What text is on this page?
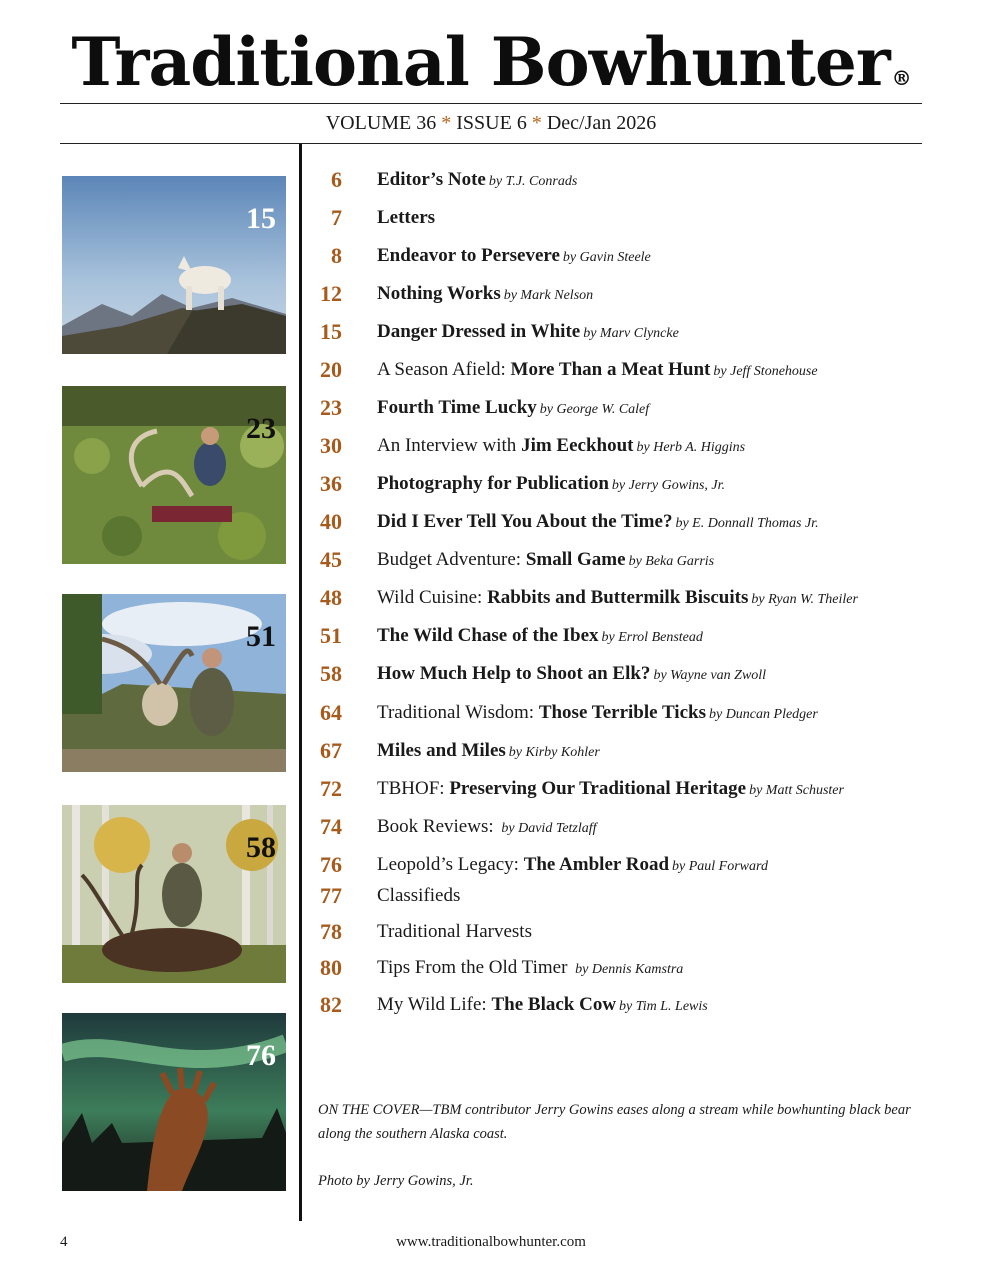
Traditional Bowhunter ®
VOLUME 36 * ISSUE 6 * Dec/Jan 2026
15
23
51
58
76
6 Editor’s Note by T.J. Conrads
7 Letters
8 Endeavor to Persevere by Gavin Steele
12 Nothing Works by Mark Nelson
15 Danger Dressed in White by Marv Clyncke
20 A Season Afield: More Than a Meat Hunt by Jeff Stonehouse
23 Fourth Time Lucky by George W. Calef
30 An Interview with Jim Eeckhout by Herb A. Higgins
36 Photography for Publication by Jerry Gowins, Jr.
40 Did I Ever Tell You About the Time? by E. Donnall Thomas Jr.
45 Budget Adventure: Small Game by Beka Garris
48 Wild Cuisine: Rabbits and Buttermilk Biscuits by Ryan W. Theiler
51 The Wild Chase of the Ibex by Errol Benstead
58 How Much Help to Shoot an Elk? by Wayne van Zwoll
64 Traditional Wisdom: Those Terrible Ticks by Duncan Pledger
67 Miles and Miles by Kirby Kohler
72 TBHOF: Preserving Our Traditional Heritage by Matt Schuster
74 Book Reviews: by David Tetzlaff
76 Leopold’s Legacy: The Ambler Road by Paul Forward
77 Classifieds
78 Traditional Harvests
80 Tips From the Old Timer by Dennis Kamstra
82 My Wild Life: The Black Cow by Tim L. Lewis
ON THE COVER—TBM contributor Jerry Gowins eases along a stream while bowhunting black bear along the southern Alaska coast.
Photo by Jerry Gowins, Jr.
4	www.traditionalbowhunter.com
